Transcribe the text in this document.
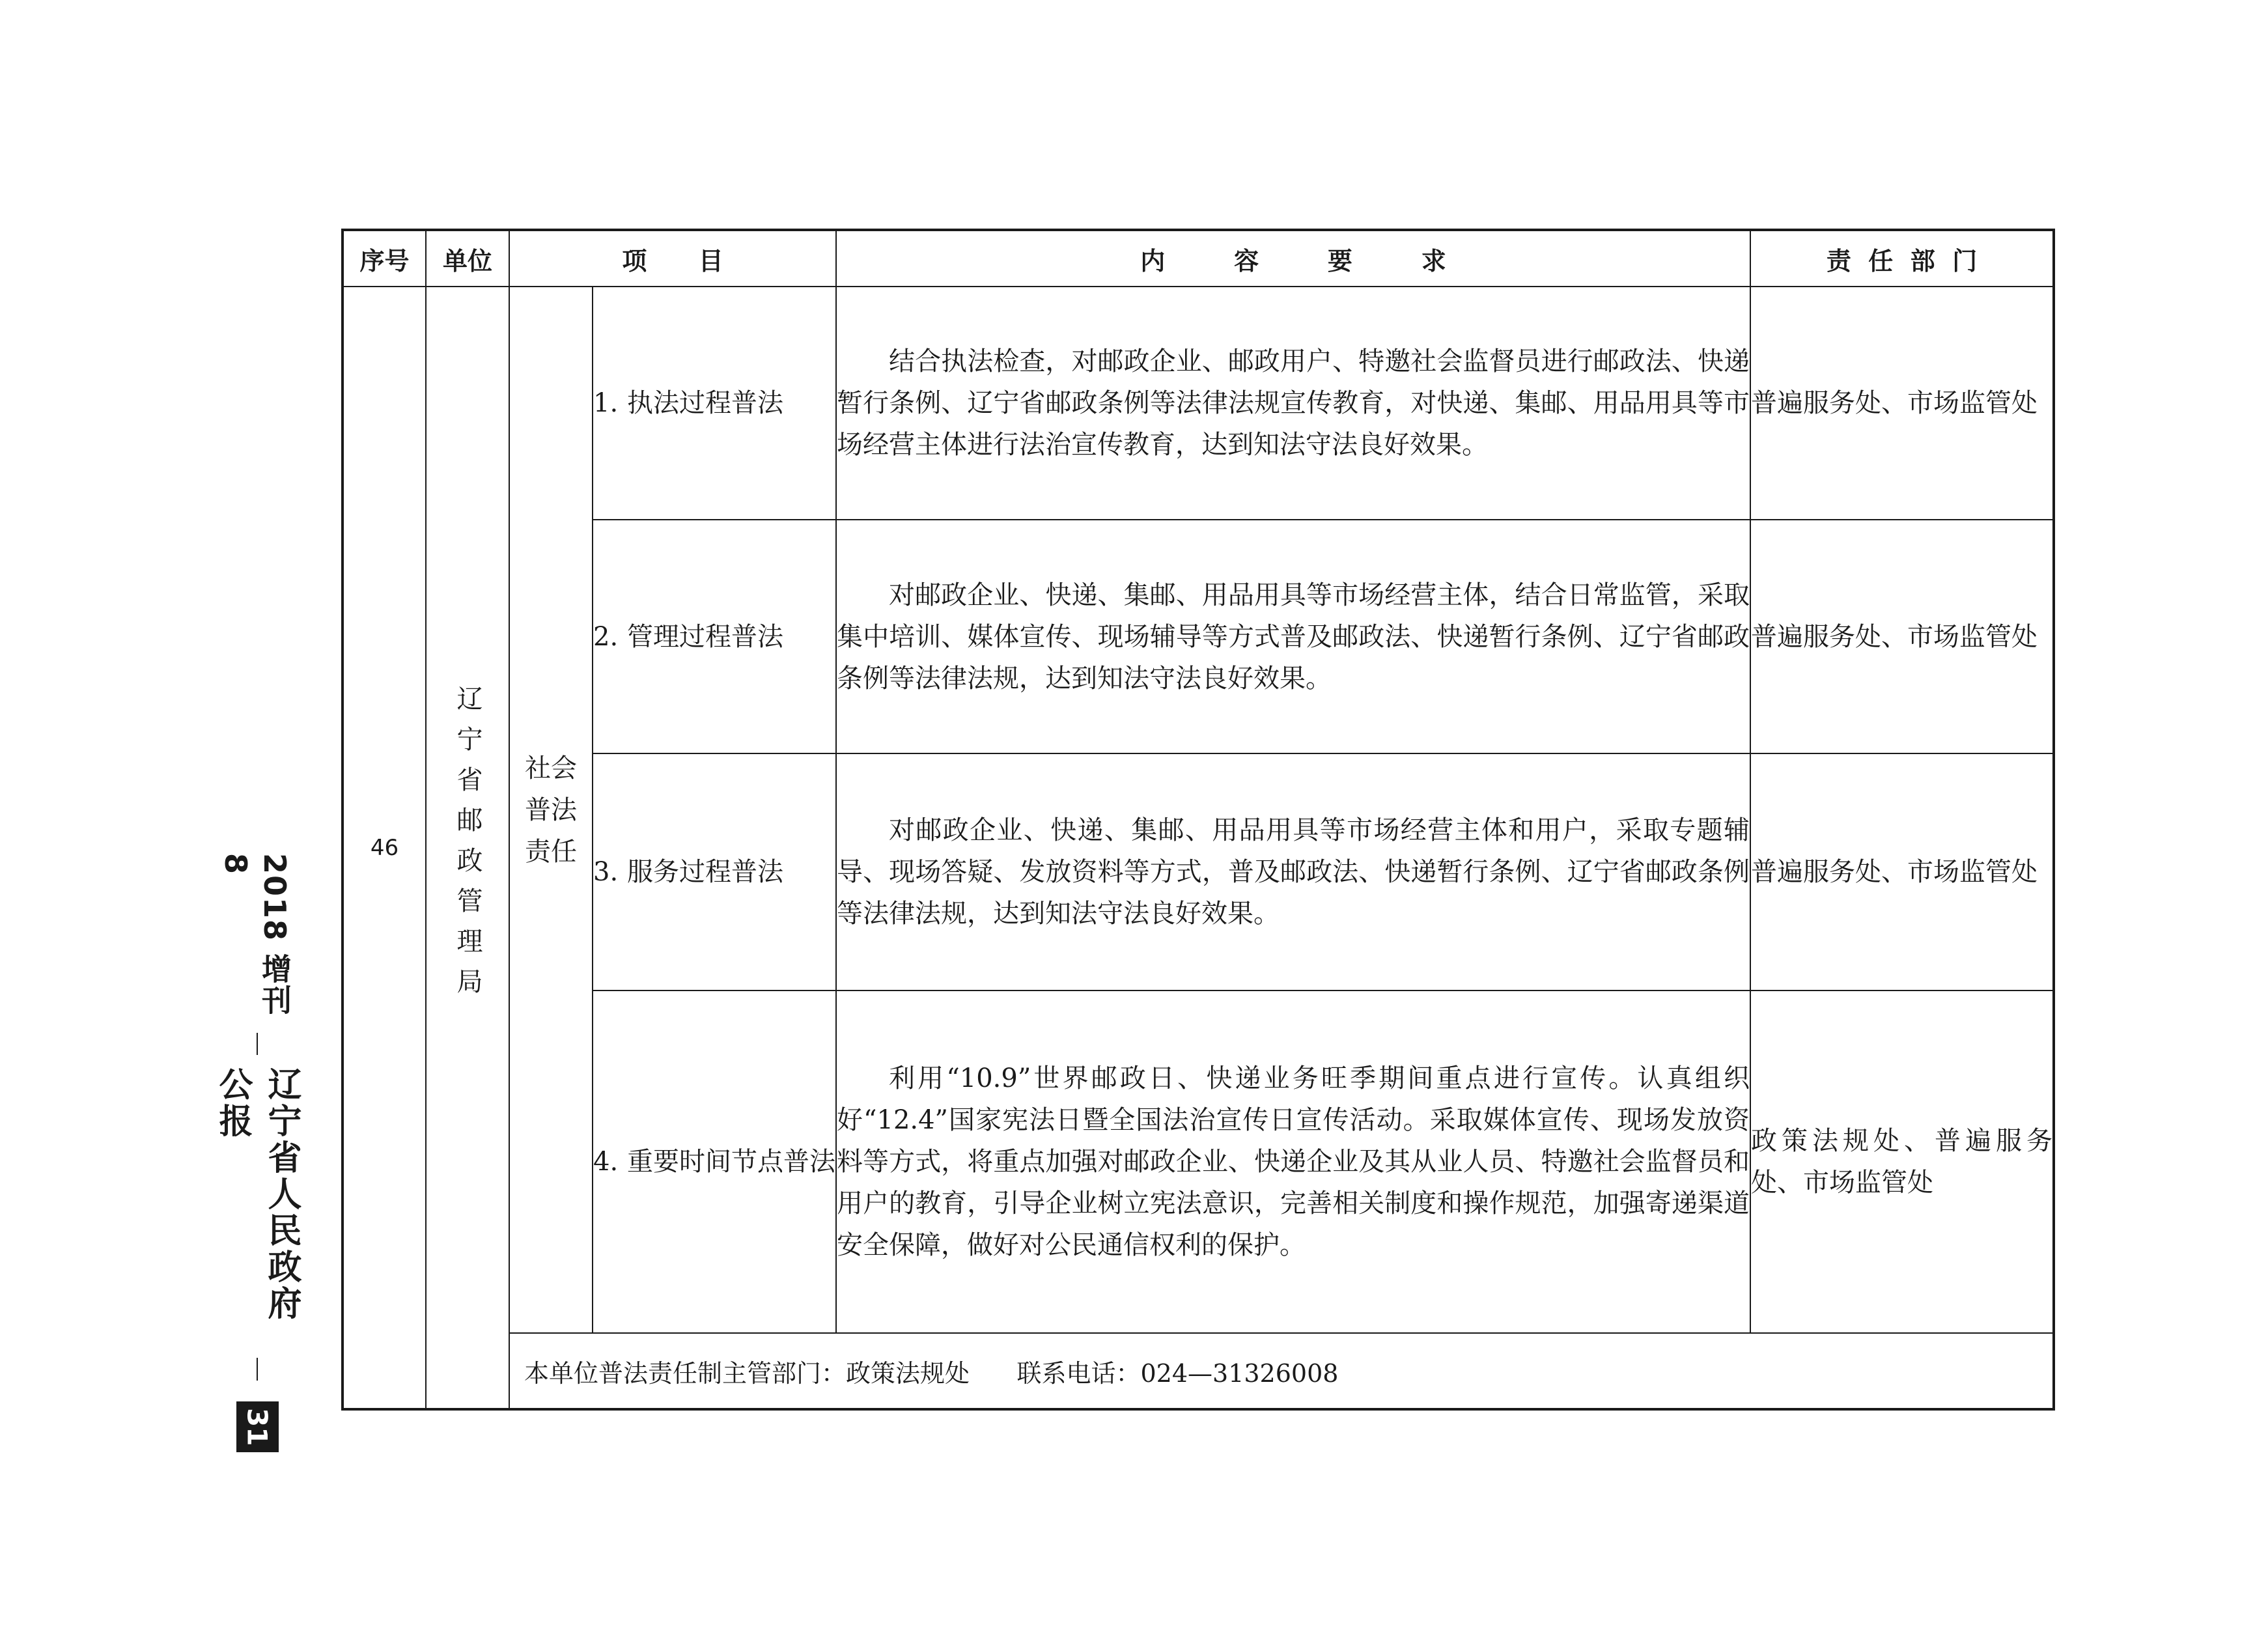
2018 增刊 8
辽宁省人民政府公报
31
序号	单位	项      目		内        容        要        求	责  任  部  门
46	辽宁省邮政管理局	社会普法责任	1. 执法过程普法	结合执法检查，对邮政企业、邮政用户、特邀社会监督员进行邮政法、快递暂行条例、辽宁省邮政条例等法律法规宣传教育，对快递、集邮、用品用具等市场经营主体进行法治宣传教育，达到知法守法良好效果。	普遍服务处、市场监管处

			2. 管理过程普法	对邮政企业、快递、集邮、用品用具等市场经营主体，结合日常监管，采取集中培训、媒体宣传、现场辅导等方式普及邮政法、快递暂行条例、辽宁省邮政条例等法律法规，达到知法守法良好效果。	普遍服务处、市场监管处

			3. 服务过程普法	对邮政企业、快递、集邮、用品用具等市场经营主体和用户，采取专题辅导、现场答疑、发放资料等方式，普及邮政法、快递暂行条例、辽宁省邮政条例等法律法规，达到知法守法良好效果。	普遍服务处、市场监管处

			4. 重要时间节点普法	利用“10.9”世界邮政日、快递业务旺季期间重点进行宣传。认真组织好“12.4”国家宪法日暨全国法治宣传日宣传活动。采取媒体宣传、现场发放资料等方式，将重点加强对邮政企业、快递企业及其从业人员、特邀社会监督员和用户的教育，引导企业树立宪法意识，完善相关制度和操作规范，加强寄递渠道安全保障，做好对公民通信权利的保护。	政策法规处、普遍服务处、市场监管处

		本单位普法责任制主管部门：政策法规处 联系电话：024—31326008			
